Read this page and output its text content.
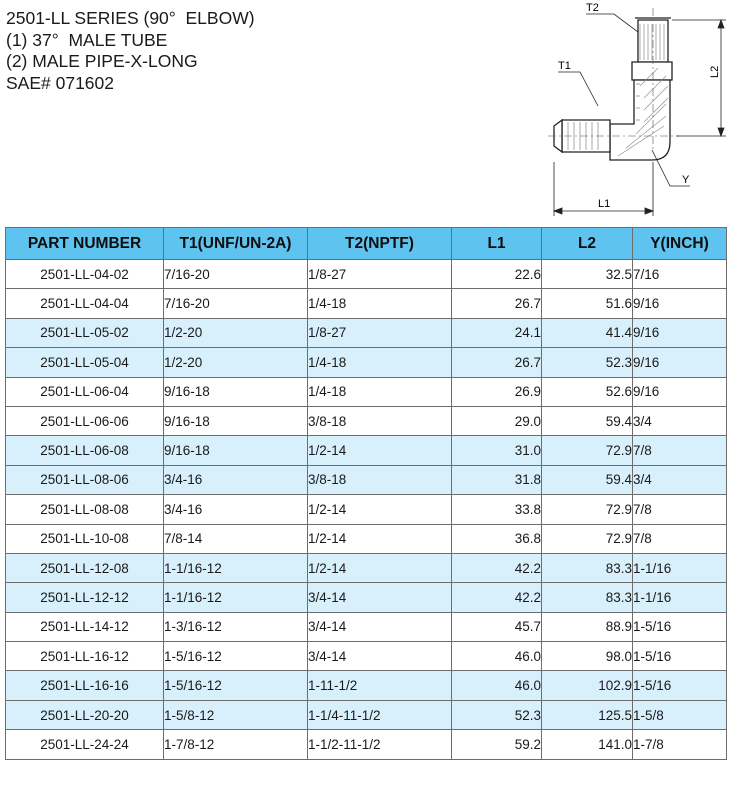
2501-LL SERIES (90°  ELBOW)
(1) 37°  MALE TUBE
(2) MALE PIPE-X-LONG
SAE# 071602
T2
T1	L2
L1
Y
PART NUMBER	T1(UNF/UN-2A)	T2(NPTF)	L1	L2	Y(INCH)
2501-LL-04-02	7/16-20	1/8-27	22.6	32.5	7/16
2501-LL-04-04	7/16-20	1/4-18	26.7	51.6	9/16
2501-LL-05-02	1/2-20	1/8-27	24.1	41.4	9/16
2501-LL-05-04	1/2-20	1/4-18	26.7	52.3	9/16
2501-LL-06-04	9/16-18	1/4-18	26.9	52.6	9/16
2501-LL-06-06	9/16-18	3/8-18	29.0	59.4	3/4
2501-LL-06-08	9/16-18	1/2-14	31.0	72.9	7/8
2501-LL-08-06	3/4-16	3/8-18	31.8	59.4	3/4
2501-LL-08-08	3/4-16	1/2-14	33.8	72.9	7/8
2501-LL-10-08	7/8-14	1/2-14	36.8	72.9	7/8
2501-LL-12-08	1-1/16-12	1/2-14	42.2	83.3	1-1/16
2501-LL-12-12	1-1/16-12	3/4-14	42.2	83.3	1-1/16
2501-LL-14-12	1-3/16-12	3/4-14	45.7	88.9	1-5/16
2501-LL-16-12	1-5/16-12	3/4-14	46.0	98.0	1-5/16
2501-LL-16-16	1-5/16-12	1-11-1/2	46.0	102.9	1-5/16
2501-LL-20-20	1-5/8-12	1-1/4-11-1/2	52.3	125.5	1-5/8
2501-LL-24-24	1-7/8-12	1-1/2-11-1/2	59.2	141.0	1-7/8
